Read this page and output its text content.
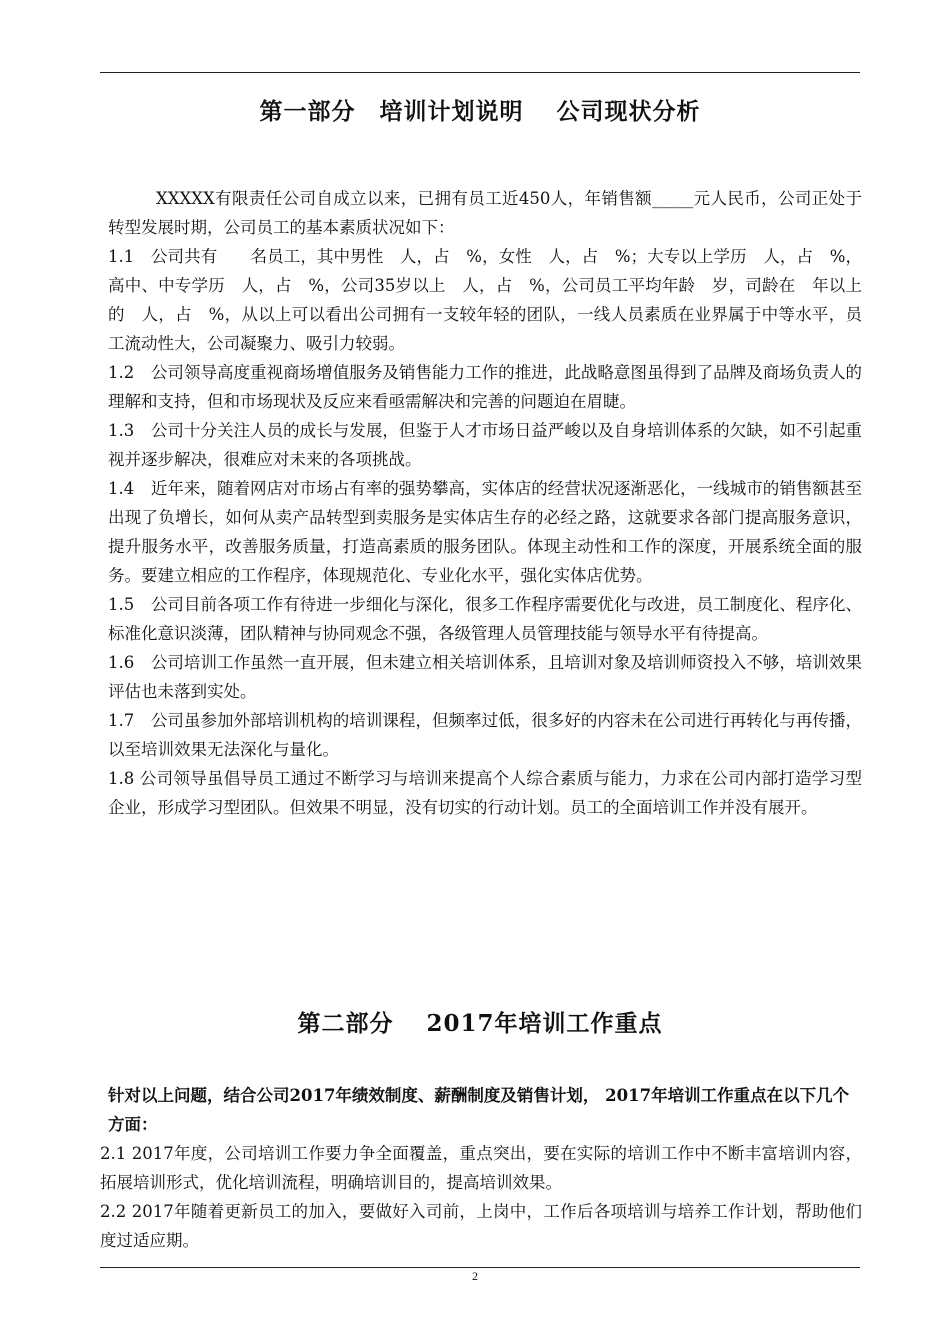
第一部分　培训计划说明　 公司现状分析

XXXXX有限责任公司自成立以来，已拥有员工近450人，年销售额_____元人民币，公司正处于转型发展时期，公司员工的基本素质状况如下：

1.1　公司共有　　名员工，其中男性　人，占　%，女性　人，占　%；大专以上学历　人，占　%，高中、中专学历　人，占　%，公司35岁以上　人，占　%，公司员工平均年龄　岁，司龄在　年以上的　人，占　%，从以上可以看出公司拥有一支较年轻的团队，一线人员素质在业界属于中等水平，员工流动性大，公司凝聚力、吸引力较弱。

1.2　公司领导高度重视商场增值服务及销售能力工作的推进，此战略意图虽得到了品牌及商场负责人的理解和支持，但和市场现状及反应来看亟需解决和完善的问题迫在眉睫。

1.3　公司十分关注人员的成长与发展，但鉴于人才市场日益严峻以及自身培训体系的欠缺，如不引起重视并逐步解决，很难应对未来的各项挑战。

1.4　近年来，随着网店对市场占有率的强势攀高，实体店的经营状况逐渐恶化，一线城市的销售额甚至出现了负增长，如何从卖产品转型到卖服务是实体店生存的必经之路，这就要求各部门提高服务意识，提升服务水平，改善服务质量，打造高素质的服务团队。体现主动性和工作的深度，开展系统全面的服务。要建立相应的工作程序，体现规范化、专业化水平，强化实体店优势。

1.5　公司目前各项工作有待进一步细化与深化，很多工作程序需要优化与改进，员工制度化、程序化、标准化意识淡薄，团队精神与协同观念不强，各级管理人员管理技能与领导水平有待提高。

1.6　公司培训工作虽然一直开展，但未建立相关培训体系，且培训对象及培训师资投入不够，培训效果评估也未落到实处。

1.7　公司虽参加外部培训机构的培训课程，但频率过低，很多好的内容未在公司进行再转化与再传播，以至培训效果无法深化与量化。

1.8 公司领导虽倡导员工通过不断学习与培训来提高个人综合素质与能力，力求在公司内部打造学习型企业，形成学习型团队。但效果不明显，没有切实的行动计划。员工的全面培训工作并没有展开。

第二部分　 2017年培训工作重点

针对以上问题，结合公司2017年绩效制度、薪酬制度及销售计划， 2017年培训工作重点在以下几个方面：

2.1 2017年度，公司培训工作要力争全面覆盖，重点突出，要在实际的培训工作中不断丰富培训内容，拓展培训形式，优化培训流程，明确培训目的，提高培训效果。

2.2 2017年随着更新员工的加入，要做好入司前，上岗中，工作后各项培训与培养工作计划，帮助他们度过适应期。

2
